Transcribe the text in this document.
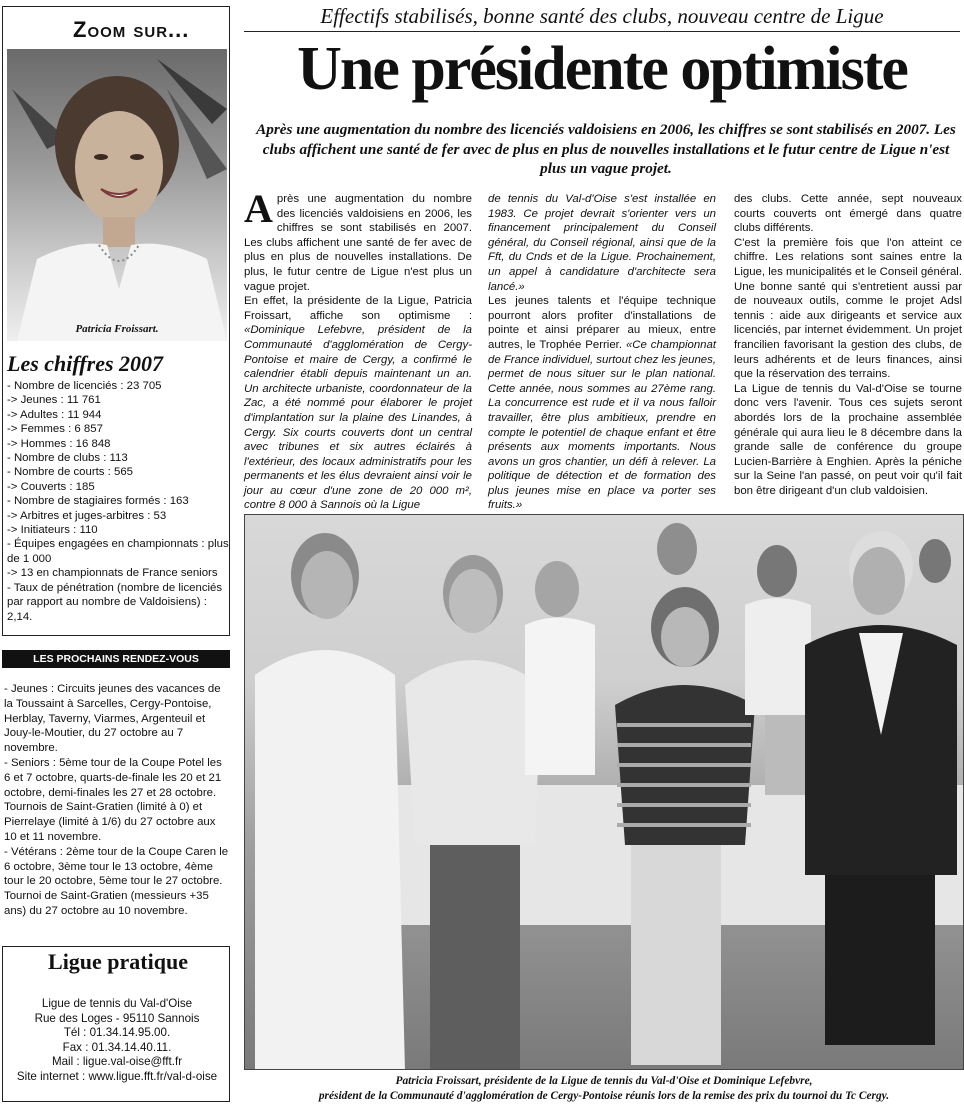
Zoom sur...
Patricia Froissart.
Les chiffres 2007
- Nombre de licenciés : 23 705
-> Jeunes : 11 761
-> Adultes : 11 944
-> Femmes : 6 857
-> Hommes : 16 848
- Nombre de clubs : 113
- Nombre de courts : 565
-> Couverts : 185
- Nombre de stagiaires formés : 163
-> Arbitres et juges-arbitres : 53
-> Initiateurs : 110
- Équipes engagées en championnats : plus de 1 000
-> 13 en championnats de France seniors
- Taux de pénétration (nombre de licenciés par rapport au nombre de Valdoisiens) : 2,14.
LES PROCHAINS RENDEZ-VOUS
- Jeunes : Circuits jeunes des vacances de la Toussaint à Sarcelles, Cergy-Pontoise, Herblay, Taverny, Viarmes, Argenteuil et Jouy-le-Moutier, du 27 octobre au 7 novembre.
- Seniors : 5ème tour de la Coupe Potel les 6 et 7 octobre, quarts-de-finale les 20 et 21 octobre, demi-finales les 27 et 28 octobre. Tournois de Saint-Gratien (limité à 0) et Pierrelaye (limité à 1/6) du 27 octobre aux 10 et 11 novembre.
- Vétérans : 2ème tour de la Coupe Caren le 6 octobre, 3ème tour le 13 octobre, 4ème tour le 20 octobre, 5ème tour le 27 octobre. Tournoi de Saint-Gratien (messieurs +35 ans) du 27 octobre au 10 novembre.
Ligue pratique
Ligue de tennis du Val-d'Oise
Rue des Loges - 95110 Sannois
Tél : 01.34.14.95.00.
Fax : 01.34.14.40.11.
Mail : ligue.val-oise@fft.fr
Site internet : www.ligue.fft.fr/val-d-oise
Effectifs stabilisés, bonne santé des clubs, nouveau centre de Ligue
Une présidente optimiste
Après une augmentation du nombre des licenciés valdoisiens en 2006, les chiffres se sont stabilisés en 2007. Les clubs affichent une santé de fer avec de plus en plus de nouvelles installations et le futur centre de Ligue n'est plus un vague projet.

Après une augmentation du nombre des licenciés valdoisiens en 2006, les chiffres se sont stabilisés en 2007. Les clubs affichent une santé de fer avec de plus en plus de nouvelles installations. De plus, le futur centre de Ligue n'est plus un vague projet.

En effet, la présidente de la Ligue, Patricia Froissart, affiche son optimisme : «Dominique Lefebvre, président de la Communauté d'agglomération de Cergy-Pontoise et maire de Cergy, a confirmé le calendrier établi depuis maintenant un an. Un architecte urbaniste, coordonnateur de la Zac, a été nommé pour élaborer le projet d'implantation sur la plaine des Linandes, à Cergy. Six courts couverts dont un central avec tribunes et six autres éclairés à l'extérieur, des locaux administratifs pour les permanents et les élus devraient ainsi voir le jour au cœur d'une zone de 20 000 m², contre 8 000 à Sannois où la Ligue

de tennis du Val-d'Oise s'est installée en 1983. Ce projet devrait s'orienter vers un financement principalement du Conseil général, du Conseil régional, ainsi que de la Fft, du Cnds et de la Ligue. Prochainement, un appel à candidature d'architecte sera lancé.»

Les jeunes talents et l'équipe technique pourront alors profiter d'installations de pointe et ainsi préparer au mieux, entre autres, le Trophée Perrier. «Ce championnat de France individuel, surtout chez les jeunes, permet de nous situer sur le plan national. Cette année, nous sommes au 27ème rang. La concurrence est rude et il va nous falloir travailler, être plus ambitieux, prendre en compte le potentiel de chaque enfant et être présents aux moments importants. Nous avons un gros chantier, un défi à relever. La politique de détection et de formation des plus jeunes mise en place va porter ses fruits.»

des clubs. Cette année, sept nouveaux courts couverts ont émergé dans quatre clubs différents.

C'est la première fois que l'on atteint ce chiffre. Les relations sont saines entre la Ligue, les municipalités et le Conseil général. Une bonne santé qui s'entretient aussi par de nouveaux outils, comme le projet Adsl tennis : aide aux dirigeants et service aux licenciés, par internet évidemment. Un projet francilien favorisant la gestion des clubs, de leurs adhérents et de leurs finances, ainsi que la réservation des terrains.

La Ligue de tennis du Val-d'Oise se tourne donc vers l'avenir. Tous ces sujets seront abordés lors de la prochaine assemblée générale qui aura lieu le 8 décembre dans la grande salle de conférence du groupe Lucien-Barrière à Enghien. Après la péniche sur la Seine l'an passé, on peut voir qu'il fait bon être dirigeant d'un club valdoisien.

Patricia Froissart, présidente de la Ligue de tennis du Val-d'Oise et Dominique Lefebvre,
président de la Communauté d'agglomération de Cergy-Pontoise réunis lors de la remise des prix du tournoi du Tc Cergy.
